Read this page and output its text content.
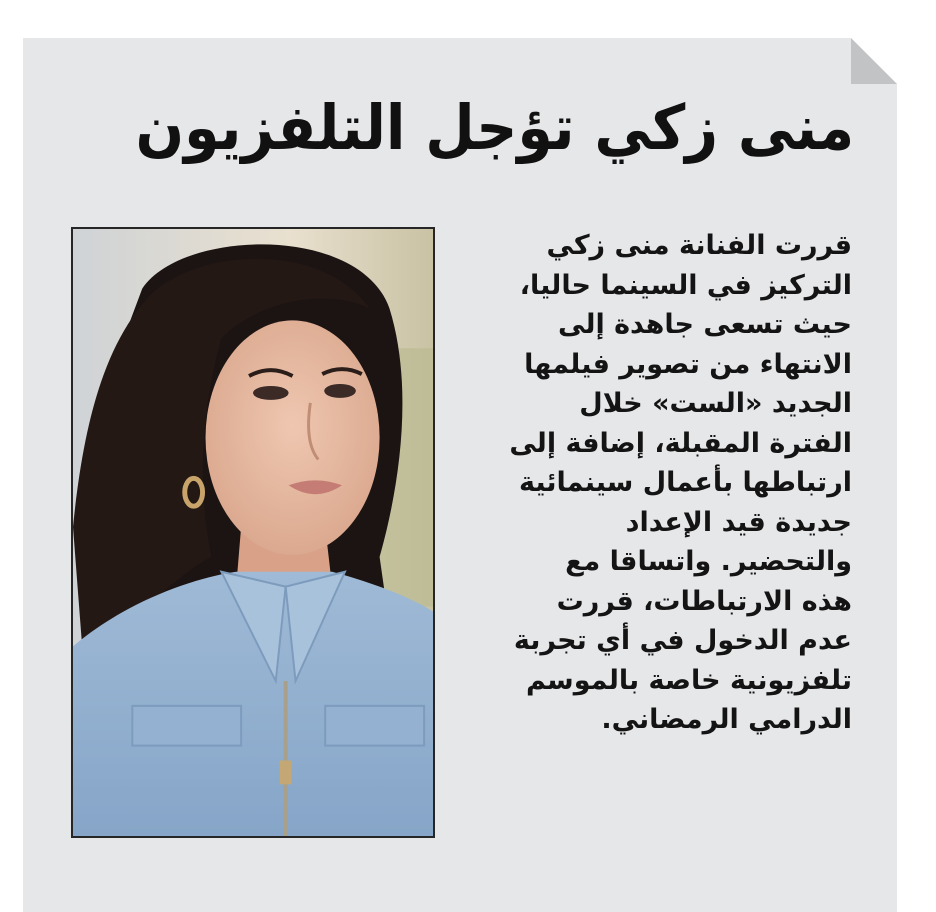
منى زكي تؤجل التلفزيون
قررت الفنانة منى زكي
التركيز في السينما حاليا،
حيث تسعى جاهدة إلى
الانتهاء من تصوير فيلمها
الجديد «الست» خلال
الفترة المقبلة، إضافة إلى
ارتباطها بأعمال سينمائية
جديدة قيد الإعداد
والتحضير. واتساقا مع
هذه الارتباطات، قررت
عدم الدخول في أي تجربة
تلفزيونية خاصة بالموسم
الدرامي الرمضاني.
